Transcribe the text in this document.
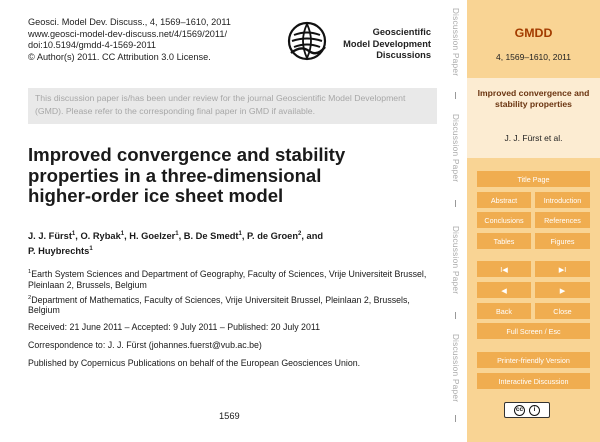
Geosci. Model Dev. Discuss., 4, 1569–1610, 2011
www.geosci-model-dev-discuss.net/4/1569/2011/
doi:10.5194/gmdd-4-1569-2011
© Author(s) 2011. CC Attribution 3.0 License.
Geoscientific
Model Development
Discussions
This discussion paper is/has been under review for the journal Geoscientific Model Development (GMD). Please refer to the corresponding final paper in GMD if available.
Improved convergence and stability
properties in a three-dimensional
higher-order ice sheet model
J. J. Fürst$^1$, O. Rybak$^1$, H. Goelzer$^1$, B. De Smedt$^1$, P. de Groen$^2$, and
P. Huybrechts$^1$
$^1$Earth System Sciences and Department of Geography, Faculty of Sciences, Vrije Universiteit Brussel, Pleinlaan 2, Brussels, Belgium
$^2$Department of Mathematics, Faculty of Sciences, Vrije Universiteit Brussel, Pleinlaan 2, Brussels, Belgium
Received: 21 June 2011 – Accepted: 9 July 2011 – Published: 20 July 2011
Correspondence to: J. J. Fürst (johannes.fuerst@vub.ac.be)
Published by Copernicus Publications on behalf of the European Geosciences Union.
1569
Discussion Paper
Discussion Paper
Discussion Paper
Discussion Paper
GMDD
4, 1569–1610, 2011
Improved convergence and stability properties
J. J. Fürst et al.
Title Page
Abstract	Introduction
Conclusions	References
Tables	Figures
I◀	▶I
◀	▶
Back	Close
Full Screen / Esc
Printer-friendly Version
Interactive Discussion
cc	i
